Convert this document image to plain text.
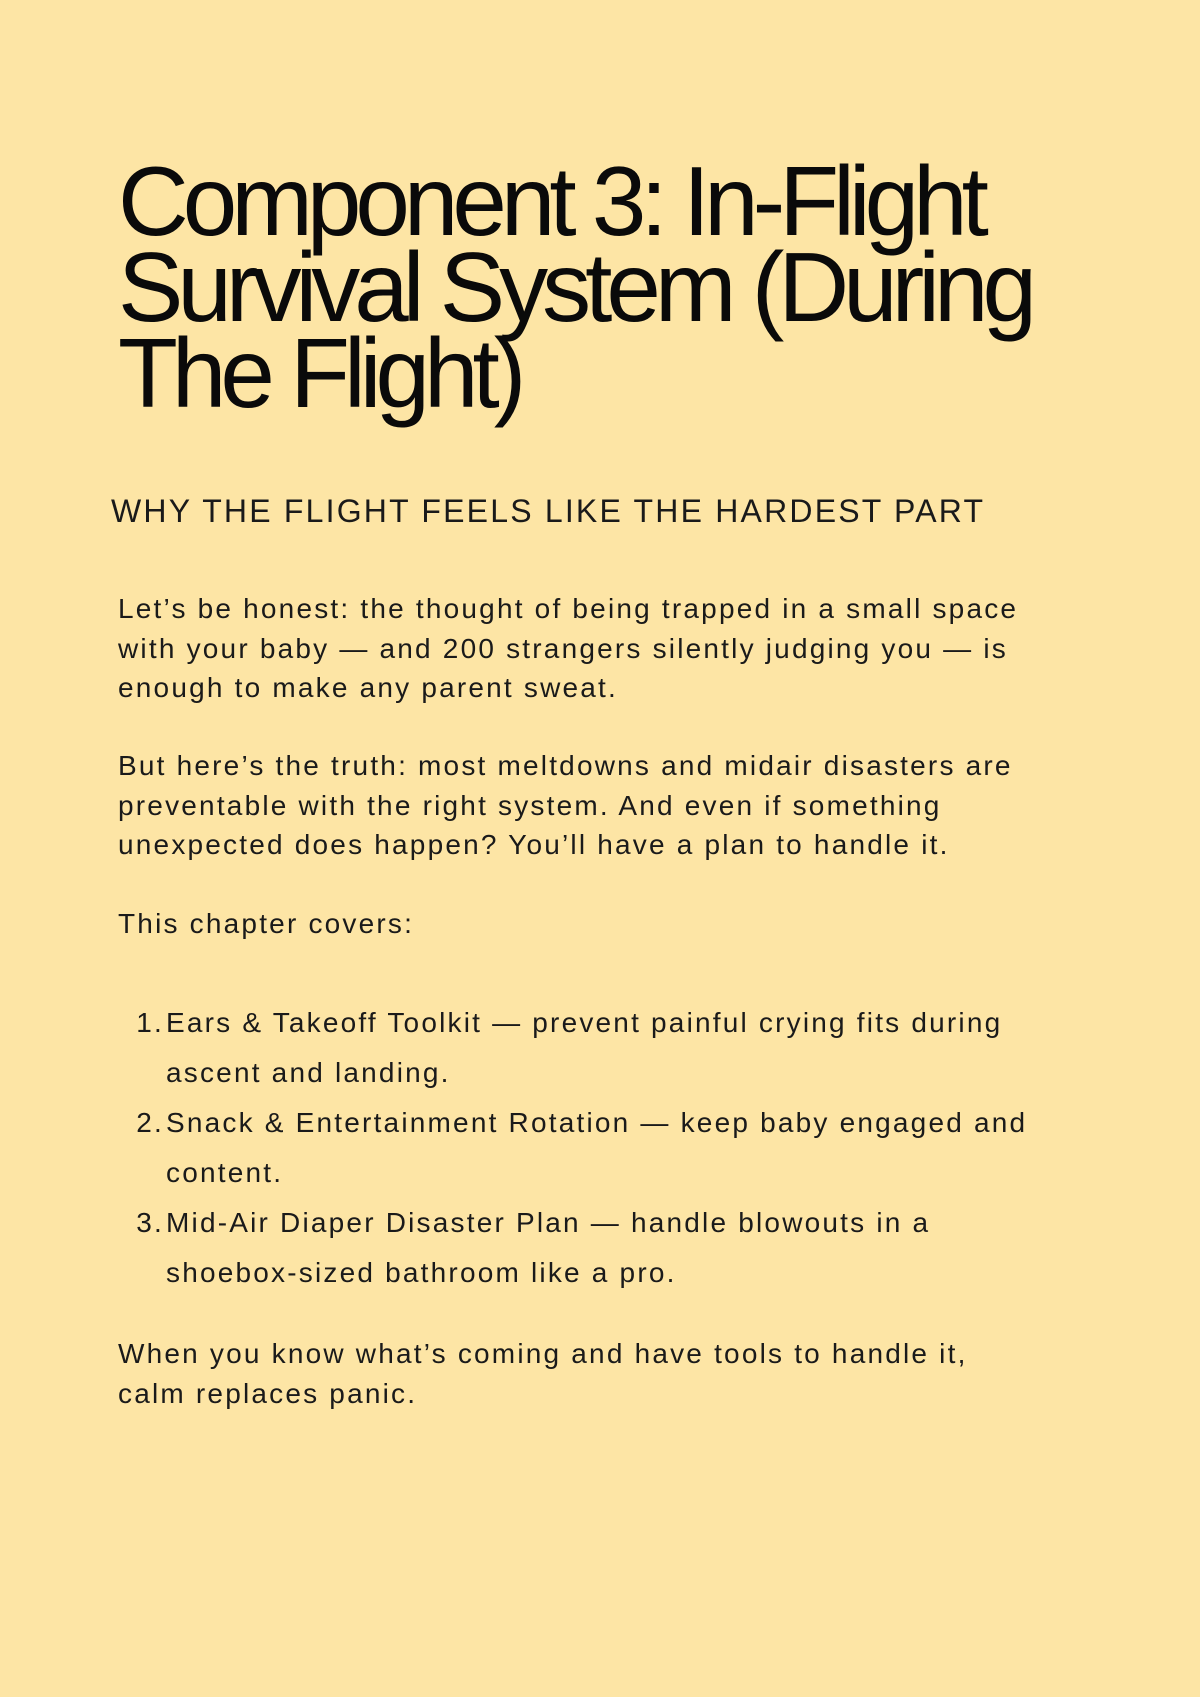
Component 3: In-Flight
Survival System (During
The Flight)
WHY THE FLIGHT FEELS LIKE THE HARDEST PART

Let’s be honest: the thought of being trapped in a small space
with your baby — and 200 strangers silently judging you — is
enough to make any parent sweat.

But here’s the truth: most meltdowns and midair disasters are
preventable with the right system. And even if something
unexpected does happen? You’ll have a plan to handle it.

This chapter covers:

1. Ears & Takeoff Toolkit — prevent painful crying fits during
ascent and landing.
2. Snack & Entertainment Rotation — keep baby engaged and
content.
3. Mid-Air Diaper Disaster Plan — handle blowouts in a
shoebox-sized bathroom like a pro.

When you know what’s coming and have tools to handle it,
calm replaces panic.
